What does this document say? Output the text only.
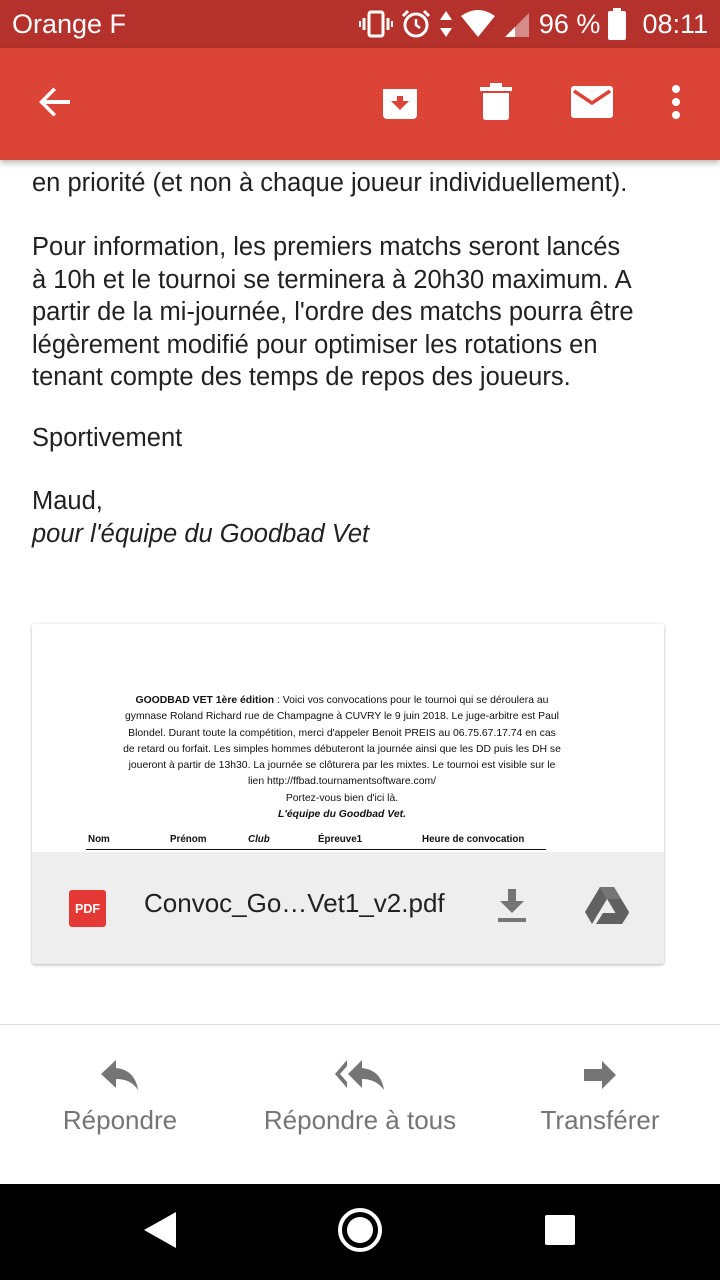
Orange F	96 % 08:11
en priorité (et non à chaque joueur individuellement).
Pour information, les premiers matchs seront lancés
à 10h et le tournoi se terminera à 20h30 maximum. A
partir de la mi-journée, l'ordre des matchs pourra être
légèrement modifié pour optimiser les rotations en
tenant compte des temps de repos des joueurs.
Sportivement
Maud,
pour l'équipe du Goodbad Vet
GOODBAD VET 1ère édition : Voici vos convocations pour le tournoi qui se déroulera au
gymnase Roland Richard rue de Champagne à CUVRY le 9 juin 2018. Le juge-arbitre est Paul
Blondel. Durant toute la compétition, merci d'appeler Benoit PREIS au 06.75.67.17.74 en cas
de retard ou forfait. Les simples hommes débuteront la journée ainsi que les DD puis les DH se
joueront à partir de 13h30. La journée se clôturera par les mixtes. Le tournoi est visible sur le
lien http://ffbad.tournamentsoftware.com/
Portez-vous bien d'ici là.
L'équipe du Goodbad Vet.
Nom	Prénom	Club	Épreuve1	Heure de convocation
PDF Convoc_Go…Vet1_v2.pdf
Répondre	Répondre à tous	Transférer
